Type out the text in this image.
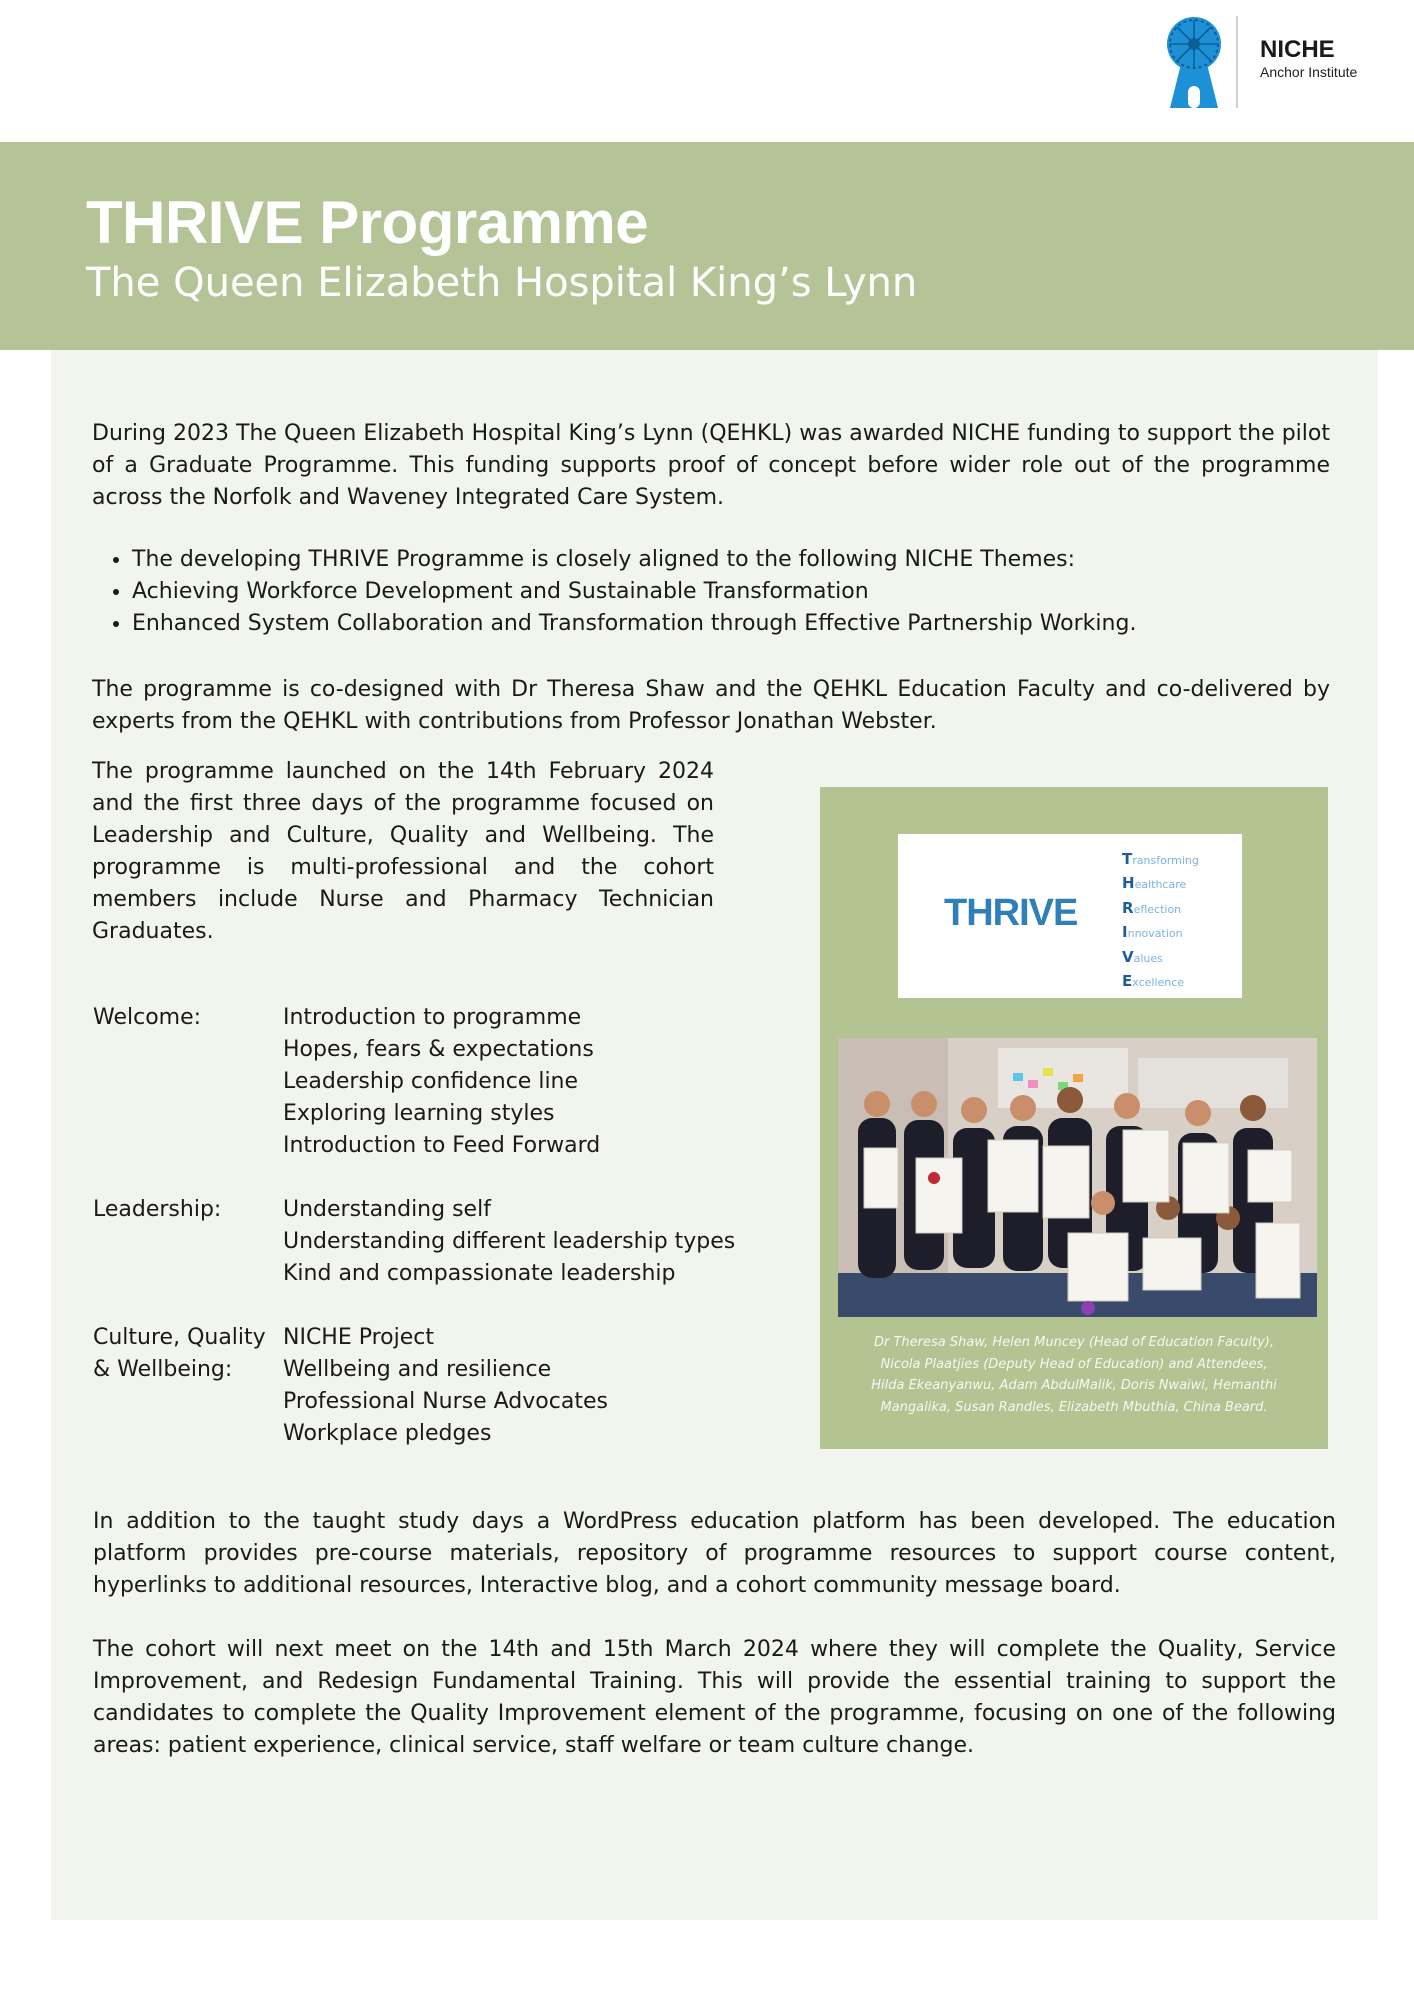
NICHE
Anchor Institute
THRIVE Programme
The Queen Elizabeth Hospital King’s Lynn

During 2023 The Queen Elizabeth Hospital King’s Lynn (QEHKL) was awarded NICHE funding to support the pilot of a Graduate Programme. This funding supports proof of concept before wider role out of the programme across the Norfolk and Waveney Integrated Care System.

• The developing THRIVE Programme is closely aligned to the following NICHE Themes:
• Achieving Workforce Development and Sustainable Transformation
• Enhanced System Collaboration and Transformation through Effective Partnership Working.

The programme is co-designed with Dr Theresa Shaw and the QEHKL Education Faculty and co-delivered by experts from the QEHKL with contributions from Professor Jonathan Webster.

The programme launched on the 14th February 2024 and the first three days of the programme focused on Leadership and Culture, Quality and Wellbeing. The programme is multi-professional and the cohort members include Nurse and Pharmacy Technician Graduates.

Welcome:	Introduction to programme
Hopes, fears & expectations
Leadership confidence line
Exploring learning styles
Introduction to Feed Forward
Leadership:	Understanding self
Understanding different leadership types
Kind and compassionate leadership
Culture, Quality & Wellbeing:
NICHE Project
Wellbeing and resilience
Professional Nurse Advocates
Workplace pledges
THRIVE
Transforming
Healthcare
Reflection
Innovation
Values
Excellence
Dr Theresa Shaw, Helen Muncey (Head of Education Faculty),
Nicola Plaatjies (Deputy Head of Education) and Attendees,
Hilda Ekeanyanwu, Adam AbdulMalik, Doris Nwaiwi, Hemanthi
Mangalika, Susan Randles, Elizabeth Mbuthia, China Beard.

In addition to the taught study days a WordPress education platform has been developed. The education platform provides pre-course materials, repository of programme resources to support course content, hyperlinks to additional resources, Interactive blog, and a cohort community message board.

The cohort will next meet on the 14th and 15th March 2024 where they will complete the Quality, Service Improvement, and Redesign Fundamental Training. This will provide the essential training to support the candidates to complete the Quality Improvement element of the programme, focusing on one of the following areas: patient experience, clinical service, staff welfare or team culture change.
